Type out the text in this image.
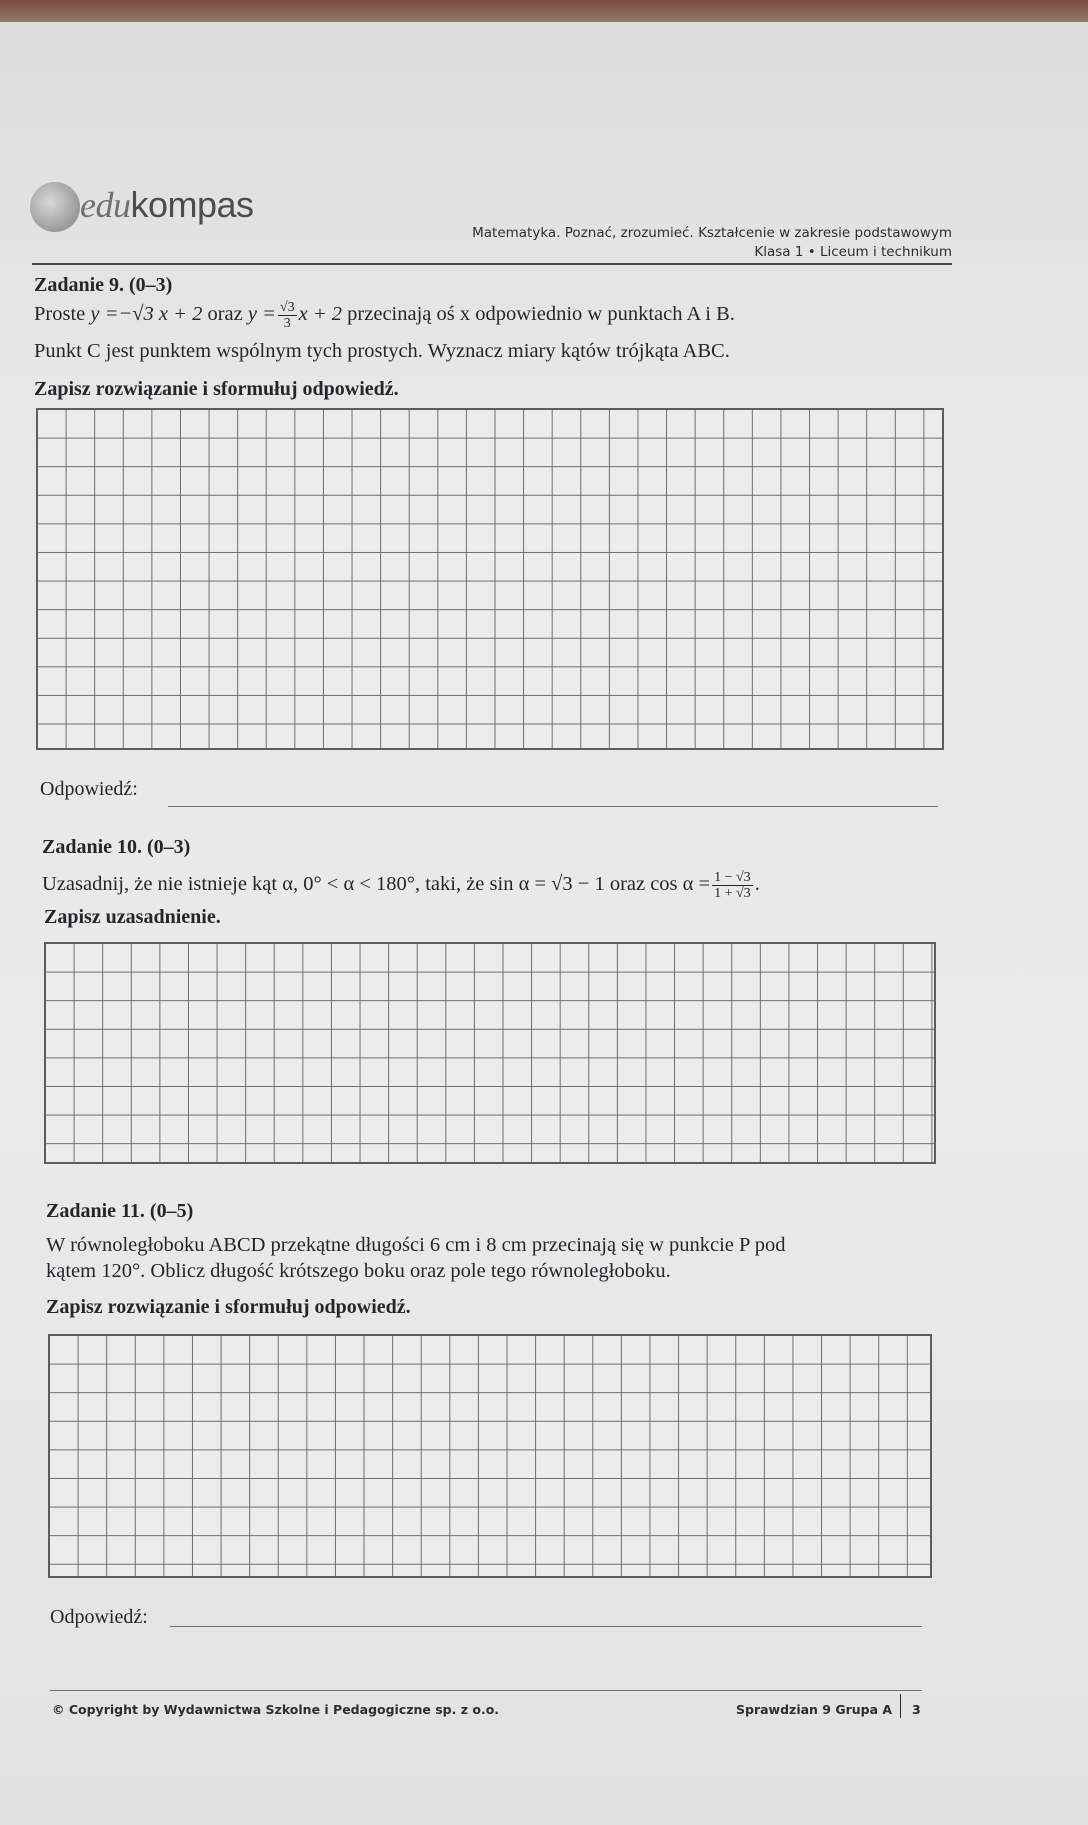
edukompas
Matematyka. Poznać, zrozumieć. Kształcenie w zakresie podstawowym
Klasa 1 • Liceum i technikum
Zadanie 9. (0–3)
Proste y =−√3 x + 2 oraz $y = \frac{√3}{3}$ x + 2 przecinają oś x odpowiednio w punktach A i B.
Punkt C jest punktem wspólnym tych prostych. Wyznacz miary kątów trójkąta ABC.
Zapisz rozwiązanie i sformułuj odpowiedź.
Odpowiedź:
Zadanie 10. (0–3)
Uzasadnij, że nie istnieje kąt α, 0° < α < 180°, taki, że sin α = √3 − 1 oraz $\cos \alpha = \frac{1 - √3}{1 + √3}$ .
Zapisz uzasadnienie.
Zadanie 11. (0–5)
W równoległoboku ABCD przekątne długości 6 cm i 8 cm przecinają się w punkcie P pod
kątem 120°. Oblicz długość krótszego boku oraz pole tego równoległoboku.
Zapisz rozwiązanie i sformułuj odpowiedź.
Odpowiedź:
© Copyright by Wydawnictwa Szkolne i Pedagogiczne sp. z o.o.	Sprawdzian 9 Grupa A 3
